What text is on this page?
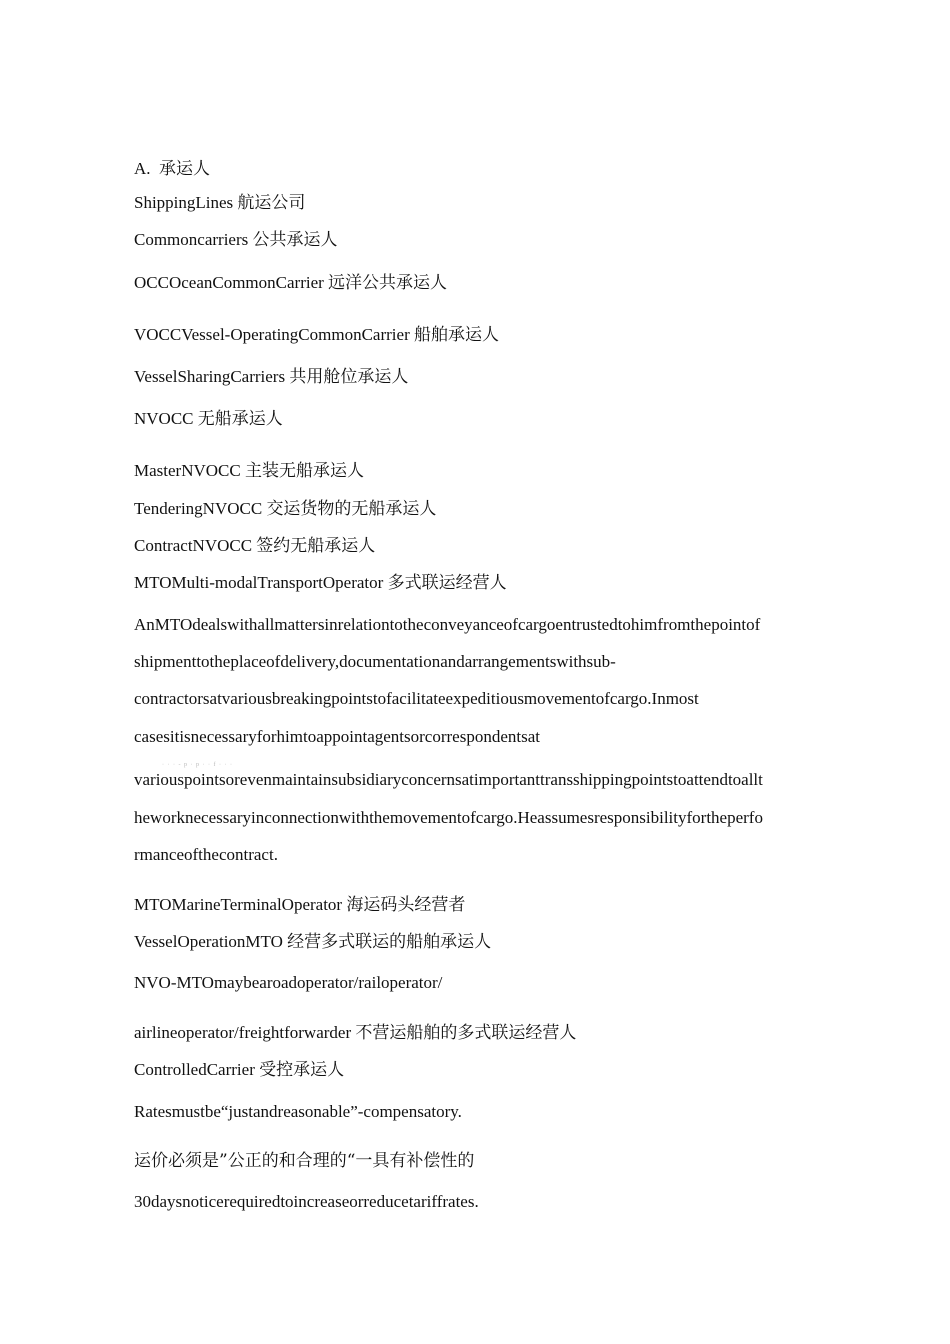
A. 承运人
ShippingLines 航运公司
Commoncarriers 公共承运人
OCCOceanCommonCarrier 远洋公共承运人
VOCCVessel-OperatingCommonCarrier 船舶承运人
VesselSharingCarriers 共用舱位承运人
NVOCC 无船承运人
MasterNVOCC 主装无船承运人
TenderingNVOCC 交运货物的无船承运人
ContractNVOCC 签约无船承运人
MTOMulti-modalTransportOperator 多式联运经营人
AnMTOdealswithallmattersinrelationtotheconveyanceofcargoentrustedtohimfromthepointof
shipmenttotheplaceofdelivery,documentationandarrangementswithsub-
contractorsatvariousbreakingpointstofacilitateexpeditiousmovementofcargo.Inmost
casesitisnecessaryforhimtoappointagentsorcorrespondentsat
· · · - p · p · · f · · ·
variouspointsorevenmaintainsubsidiaryconcernsatimportanttransshippingpointstoattendtoallt
heworknecessaryinconnectionwiththemovementofcargo.Heassumesresponsibilityfortheperfo
rmanceofthecontract.
MTOMarineTerminalOperator 海运码头经营者
VesselOperationMTO 经营多式联运的船舶承运人
NVO-MTOmaybearoadoperator/railoperator/
airlineoperator/freightforwarder 不营运船舶的多式联运经营人
ControlledCarrier 受控承运人
Ratesmustbe“justandreasonable”-compensatory.
运价必须是”公正的和合理的“一具有补偿性的
30daysnoticerequiredtoincreaseorreducetariffrates.
